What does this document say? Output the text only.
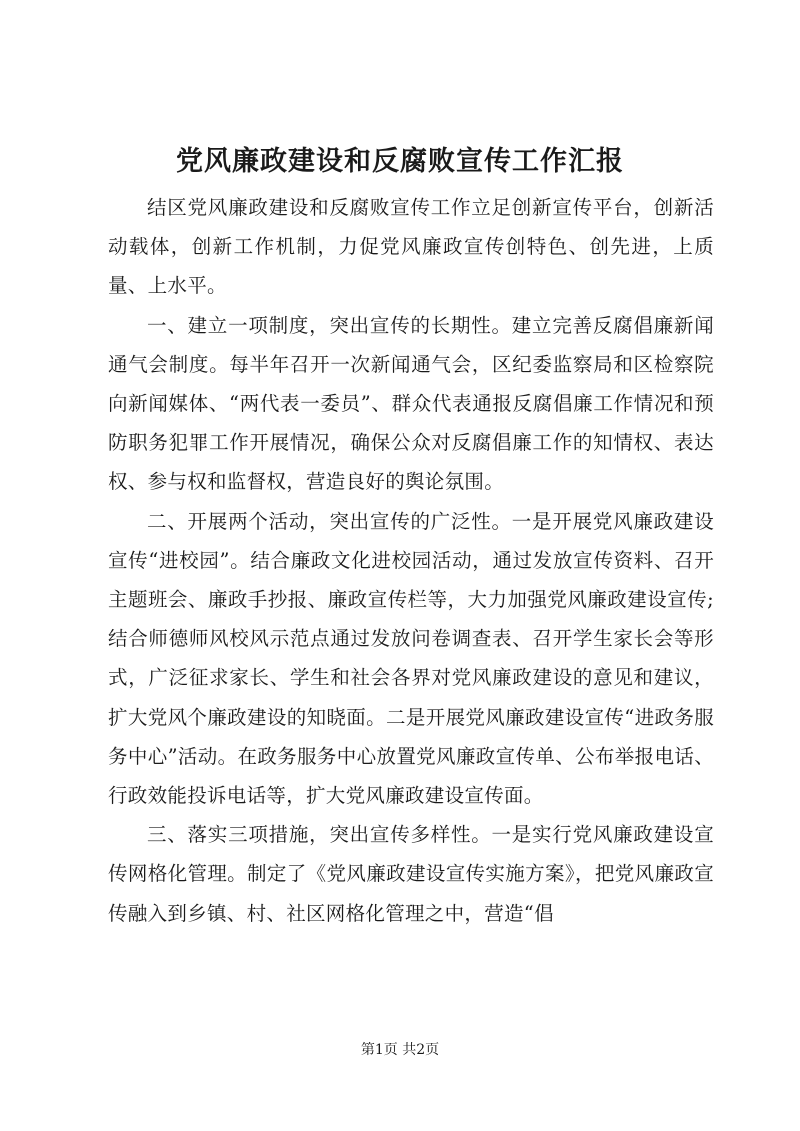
党风廉政建设和反腐败宣传工作汇报

结区党风廉政建设和反腐败宣传工作立足创新宣传平台，创新活动载体，创新工作机制，力促党风廉政宣传创特色、创先进，上质量、上水平。

一、建立一项制度，突出宣传的长期性。建立完善反腐倡廉新闻通气会制度。每半年召开一次新闻通气会，区纪委监察局和区检察院向新闻媒体、“两代表一委员”、群众代表通报反腐倡廉工作情况和预防职务犯罪工作开展情况，确保公众对反腐倡廉工作的知情权、表达权、参与权和监督权，营造良好的舆论氛围。

二、开展两个活动，突出宣传的广泛性。一是开展党风廉政建设宣传“进校园”。结合廉政文化进校园活动，通过发放宣传资料、召开主题班会、廉政手抄报、廉政宣传栏等，大力加强党风廉政建设宣传;结合师德师风校风示范点通过发放问卷调查表、召开学生家长会等形式，广泛征求家长、学生和社会各界对党风廉政建设的意见和建议，扩大党风个廉政建设的知晓面。二是开展党风廉政建设宣传“进政务服务中心”活动。在政务服务中心放置党风廉政宣传单、公布举报电话、行政效能投诉电话等，扩大党风廉政建设宣传面。

三、落实三项措施，突出宣传多样性。一是实行党风廉政建设宣传网格化管理。制定了《党风廉政建设宣传实施方案》，把党风廉政宣传融入到乡镇、村、社区网格化管理之中，营造“倡

第1页 共2页
